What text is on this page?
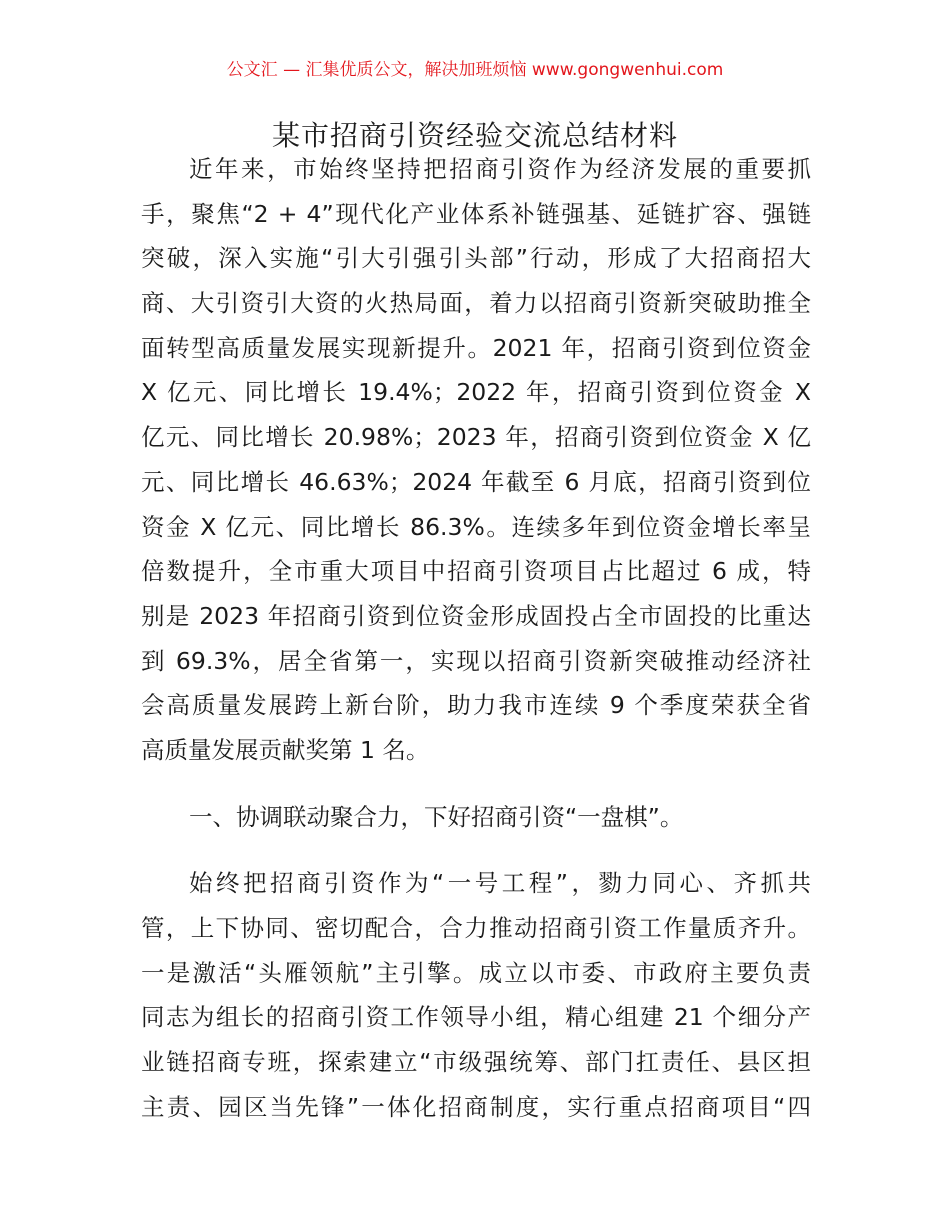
公文汇 — 汇集优质公文，解决加班烦恼 www.gongwenhui.com
某市招商引资经验交流总结材料
近年来，市始终坚持把招商引资作为经济发展的重要抓
手，聚焦“2 + 4”现代化产业体系补链强基、延链扩容、强链
突破，深入实施“引大引强引头部”行动，形成了大招商招大
商、大引资引大资的火热局面，着力以招商引资新突破助推全
面转型高质量发展实现新提升。2021 年，招商引资到位资金
X 亿元、同比增长 19.4%；2022 年，招商引资到位资金 X
亿元、同比增长 20.98%；2023 年，招商引资到位资金 X 亿
元、同比增长 46.63%；2024 年截至 6 月底，招商引资到位
资金 X 亿元、同比增长 86.3%。连续多年到位资金增长率呈
倍数提升，全市重大项目中招商引资项目占比超过 6 成，特
别是 2023 年招商引资到位资金形成固投占全市固投的比重达
到 69.3%，居全省第一，实现以招商引资新突破推动经济社
会高质量发展跨上新台阶，助力我市连续 9 个季度荣获全省
高质量发展贡献奖第 1 名。
一、协调联动聚合力，下好招商引资“一盘棋”。
始终把招商引资作为“一号工程”，勠力同心、齐抓共
管，上下协同、密切配合，合力推动招商引资工作量质齐升。
一是激活“头雁领航”主引擎。成立以市委、市政府主要负责
同志为组长的招商引资工作领导小组，精心组建 21 个细分产
业链招商专班，探索建立“市级强统筹、部门扛责任、县区担
主责、园区当先锋”一体化招商制度，实行重点招商项目“四
